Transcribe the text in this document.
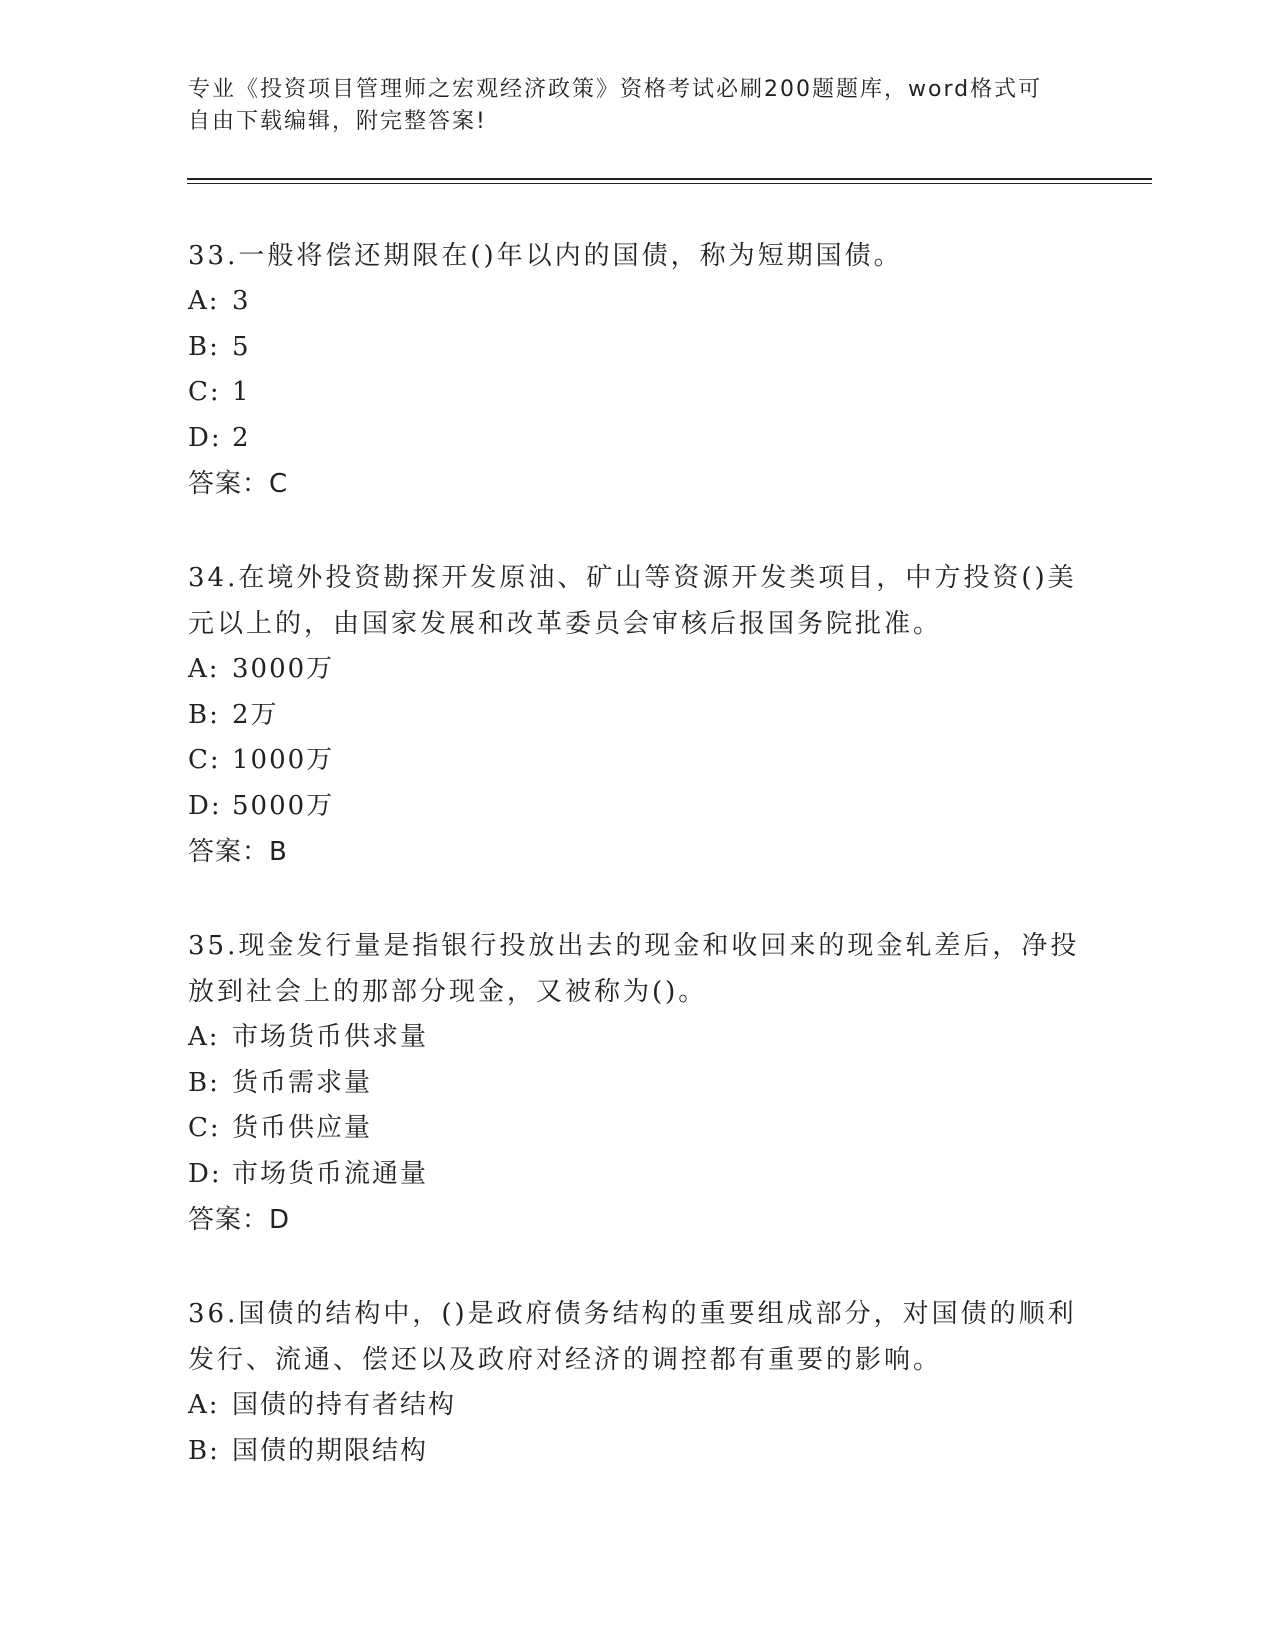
专业《投资项目管理师之宏观经济政策》资格考试必刷200题题库，word格式可
自由下载编辑，附完整答案!
33.一般将偿还期限在()年以内的国债，称为短期国债。
A: 3
B: 5
C: 1
D: 2
答案：C
34.在境外投资勘探开发原油、矿山等资源开发类项目，中方投资()美元以上的，由国家发展和改革委员会审核后报国务院批准。
A: 3000万
B: 2万
C: 1000万
D: 5000万
答案：B
35.现金发行量是指银行投放出去的现金和收回来的现金轧差后，净投放到社会上的那部分现金，又被称为()。
A: 市场货币供求量
B: 货币需求量
C: 货币供应量
D: 市场货币流通量
答案：D
36.国债的结构中，()是政府债务结构的重要组成部分，对国债的顺利发行、流通、偿还以及政府对经济的调控都有重要的影响。
A: 国债的持有者结构
B: 国债的期限结构
